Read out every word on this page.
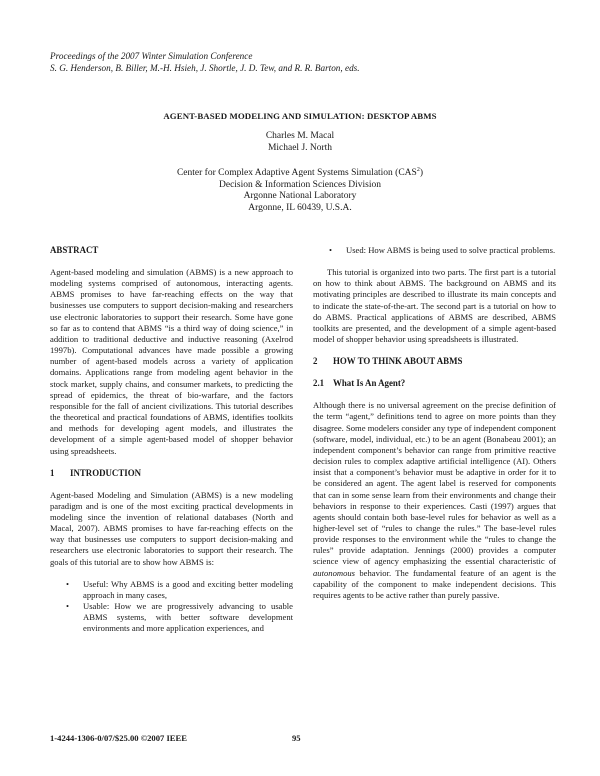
Proceedings of the 2007 Winter Simulation Conference
S. G. Henderson, B. Biller, M.-H. Hsieh, J. Shortle, J. D. Tew, and R. R. Barton, eds.
AGENT-BASED MODELING AND SIMULATION: DESKTOP ABMS
Charles M. Macal
Michael J. North
Center for Complex Adaptive Agent Systems Simulation (CAS$^2$)
Decision & Information Sciences Division
Argonne National Laboratory
Argonne, IL 60439, U.S.A.
ABSTRACT

Agent-based modeling and simulation (ABMS) is a new approach to modeling systems comprised of autonomous, interacting agents. ABMS promises to have far-reaching effects on the way that businesses use computers to support decision-making and researchers use electronic laboratories to support their research. Some have gone so far as to contend that ABMS “is a third way of doing science,” in addition to traditional deductive and inductive reasoning (Axelrod 1997b). Computational advances have made possible a growing number of agent-based models across a variety of application domains. Applications range from modeling agent behavior in the stock market, supply chains, and consumer markets, to predicting the spread of epidemics, the threat of bio-warfare, and the factors responsible for the fall of ancient civilizations. This tutorial describes the theoretical and practical foundations of ABMS, identifies toolkits and methods for developing agent models, and illustrates the development of a simple agent-based model of shopper behavior using spreadsheets.

1 INTRODUCTION

Agent-based Modeling and Simulation (ABMS) is a new modeling paradigm and is one of the most exciting practical developments in modeling since the invention of relational databases (North and Macal, 2007). ABMS promises to have far-reaching effects on the way that businesses use computers to support decision-making and researchers use electronic laboratories to support their research. The goals of this tutorial are to show how ABMS is:

• Useful: Why ABMS is a good and exciting better modeling approach in many cases,
• Usable: How we are progressively advancing to usable ABMS systems, with better software development environments and more application experiences, and
• Used: How ABMS is being used to solve practical problems.

This tutorial is organized into two parts. The first part is a tutorial on how to think about ABMS. The background on ABMS and its motivating principles are described to illustrate its main concepts and to indicate the state-of-the-art. The second part is a tutorial on how to do ABMS. Practical applications of ABMS are described, ABMS toolkits are presented, and the development of a simple agent-based model of shopper behavior using spreadsheets is illustrated.

2 HOW TO THINK ABOUT ABMS
2.1 What Is An Agent?

Although there is no universal agreement on the precise definition of the term “agent,” definitions tend to agree on more points than they disagree. Some modelers consider any type of independent component (software, model, individual, etc.) to be an agent (Bonabeau 2001); an independent component’s behavior can range from primitive reactive decision rules to complex adaptive artificial intelligence (AI). Others insist that a component’s behavior must be adaptive in order for it to be considered an agent. The agent label is reserved for components that can in some sense learn from their environments and change their behaviors in response to their experiences. Casti (1997) argues that agents should contain both base-level rules for behavior as well as a higher-level set of “rules to change the rules.” The base-level rules provide responses to the environment while the “rules to change the rules” provide adaptation. Jennings (2000) provides a computer science view of agency emphasizing the essential characteristic of autonomous behavior. The fundamental feature of an agent is the capability of the component to make independent decisions. This requires agents to be active rather than purely passive.

1-4244-1306-0/07/$25.00 ©2007 IEEE	95
